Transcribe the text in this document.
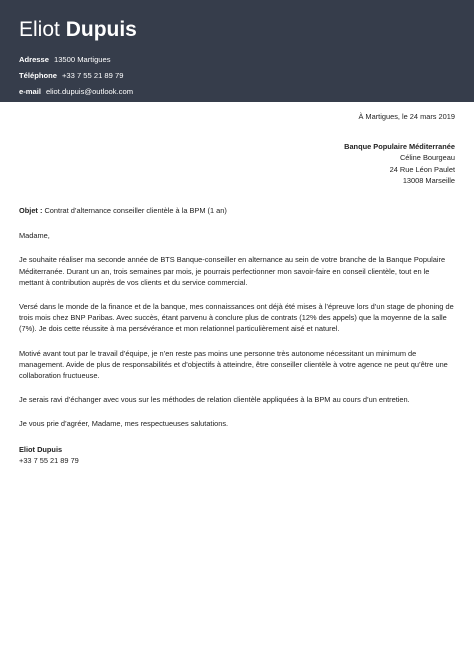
Eliot Dupuis
Adresse 13500 Martigues
Téléphone +33 7 55 21 89 79
e-mail eliot.dupuis@outlook.com
À Martigues, le 24 mars 2019
Banque Populaire Méditerranée
Céline Bourgeau
24 Rue Léon Paulet
13008 Marseille
Objet : Contrat d’alternance conseiller clientèle à la BPM (1 an)

Madame,

Je souhaite réaliser ma seconde année de BTS Banque-conseiller en alternance au sein de votre branche de la Banque Populaire Méditerranée. Durant un an, trois semaines par mois, je pourrais perfectionner mon savoir-faire en conseil clientèle, tout en le mettant à contribution auprès de vos clients et du service commercial.

Versé dans le monde de la finance et de la banque, mes connaissances ont déjà été mises à l’épreuve lors d’un stage de phoning de trois mois chez BNP Paribas. Avec succès, étant parvenu à conclure plus de contrats (12% des appels) que la moyenne de la salle (7%). Je dois cette réussite à ma persévérance et mon relationnel particulièrement aisé et naturel.

Motivé avant tout par le travail d’équipe, je n’en reste pas moins une personne très autonome nécessitant un minimum de management. Avide de plus de responsabilités et d’objectifs à atteindre, être conseiller clientèle à votre agence ne peut qu’être une collaboration fructueuse.

Je serais ravi d’échanger avec vous sur les méthodes de relation clientèle appliquées à la BPM au cours d’un entretien.

Je vous prie d’agréer, Madame, mes respectueuses salutations.

Eliot Dupuis
+33 7 55 21 89 79
